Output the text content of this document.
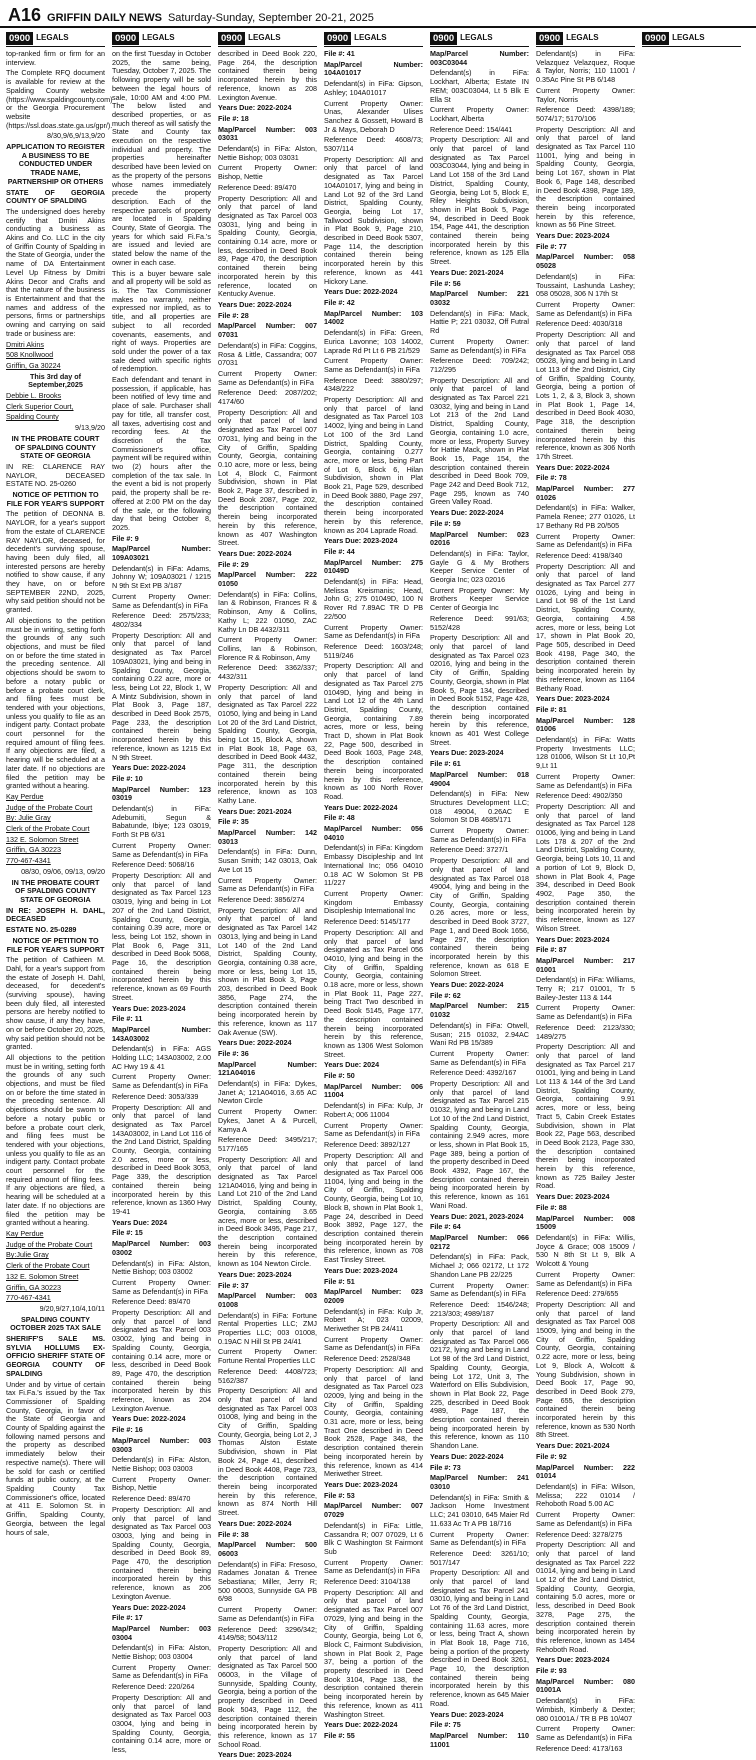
A16 GRIFFIN DAILY NEWS Saturday-Sunday, September 20-21, 2025
0900 LEGALS
top-ranked firm or firm for an interview.
The Complete RFQ document is available for review at the Spalding County website (https://www.spaldingcounty.com) or the Georgia Procurement website (https://ssl.doas.state.ga.us/gpr/).
8/30,9/6,9/13,9/20
APPLICATION TO REGISTER A BUSINESS TO BE CONDUCTED UNDER TRADE NAME, PARTNERSHIP OR OTHERS
STATE OF GEORGIA COUNTY OF SPALDING
The undersigned does hereby certify that Dmitri Akins conducting a business as Akins and Co. LLC in the city of Griffin County of Spalding in the State of Georgia, under the name of DA Entertainment Level Up Fitness by Dmitri Akins Decor and Crafts and that the nature of the business is Entertainment and that the names and address of the persons, firms or partnerships owning and carrying on said trade or business are:
Dmitri Akins
508 Knollwood
Griffin, Ga 30224
This 3rd day of September,2025
Debbie L. Brooks
Clerk Superior Court,
Spalding County
9/13,9/20
IN THE PROBATE COURT OF SPALDING COUNTY STATE OF GEORGIA
IN RE: CLARENCE RAY NAYLOR, DECEASED ESTATE NO. 25-0260
NOTICE OF PETITION TO FILE FOR YEAR'S SUPPORT
The petition of DEONNA B. NAYLOR, for a year's support from the estate of CLARENCE RAY NAYLOR, deceased, for decedent's surviving spouse, having been duly filed, all interested persons are hereby notified to show cause, if any they have, on or before SEPTEMBER 22ND, 2025, why said petition should not be granted.
All objections to the petition must be in writing, setting forth the grounds of any such objections, and must be filed on or before the time stated in the preceding sentence. All objections should be sworn to before a notary public or before a probate court clerk, and filing fees must be tendered with your objections, unless you qualify to file as an indigent party. Contact probate court personnel for the required amount of filing fees. If any objections are filed, a hearing will be scheduled at a later date. If no objections are filed the petition may be granted without a hearing.
Kay Perdue
Judge of the Probate Court
By: Julie Gray
Clerk of the Probate Court
132 E. Solomon Street
Griffin, GA 30223
770-467-4341
08/30, 09/06, 09/13, 09/20
IN THE PROBATE COURT OF SPALDING COUNTY STATE OF GEORGIA
IN RE: JOSEPH H. DAHL, DECEASED
ESTATE NO. 25-0289
NOTICE OF PETITION TO FILE FOR YEAR'S SUPPORT
The petition of Cathieen M. Dahl, for a year's support from the estate of Joseph H. Dahl, deceased, for decedent's (surviving spouse), having been duly filed, all interested persons are hereby notified to show cause, if any they have, on or before October 20, 2025, why said petition should not be granted.
All objections to the petition must be in writing, setting forth the grounds of any such objections, and must be filed on or before the time stated in the preceding sentence. All objections should be sworn to before a notary public or before a probate court clerk, and filing fees must be tendered with your objections, unless you qualify to file as an indigent party. Contact probate court personnel for the required amount of filing fees. If any objections are filed, a hearing will be scheduled at a later date. If no objections are filed the petition may be granted without a hearing.
Kay Perdue
Judge of the Probate Court
By:Julie Gray
Clerk of the Probate Court
132 E. Solomon Street
Griffin, GA 30223
770-467-4341
9/20,9/27,10/4,10/11
SPALDING COUNTY OCTOBER 2025 TAX SALE
SHERIFF'S SALE MS. SYLVIA HOLLUMS EX-OFFICIO SHERIFF STATE OF GEORGIA COUNTY OF SPALDING
Under and by virtue of certain tax Fi.Fa.'s issued by the Tax Commissioner of Spalding County, Georgia, in favor of the State of Georgia and County of Spalding against the following named persons and the property as described immediately below their respective name(s). There will be sold for cash or certified funds at public outcry, at the Spalding County Tax Commissioner's office, located at 411 E. Solomon St. in Griffin, Spalding County, Georgia, between the legal hours of sale,
0900 LEGALS
on the first Tuesday in October 2025, the same being, Tuesday, October 7, 2025. The following property will be sold between the legal hours of sale, 10:00 AM and 4:00 PM. The below listed and described properties, or as much thereof as will satisfy the State and County tax execution on the respective individual and property. The properties hereinafter described have been levied on as the property of the persons whose names immediately precede the property description. Each of the respective parcels of property are located in Spalding County, State of Georgia. The years for which said Fi.Fa.'s are issued and levied are stated below the name of the owner in each case.
This is a buyer beware sale and all property will be sold as is. The Tax Commissioner makes no warranty, neither expressed nor implied, as to title, and all properties are subject to all recorded covenants, easements, and right of ways. Properties are sold under the power of a tax sale deed with specific rights of redemption.
Each defendant and tenant in possession, if applicable, has been notified of levy time and place of sale. Purchaser shall pay for title, all transfer cost, all taxes, advertising cost and recording fees. At the discretion of the Tax Commissioner's office, payment will be required within two (2) hours after the completion of the tax sale. In the event a bid is not properly paid, the property shall be re-offered at 2:00 PM on the day of the sale, or the following day that being October 8, 2025.
File #: 9
Map/Parcel Number: 109A03021
Defendant(s) in FiFa: Adams, Johnny W; 109A03021 / 1215 N 9th St Ext PB 3/187
Current Property Owner: Same as Defendant(s) in FiFa
Reference Deed: 2575/233; 4802/334
Property Description: All and only that parcel of land designated as Tax Parcel 109A03021, lying and being in Spalding County, Georgia, containing 0.22 acre, more or less, being Lot 22, Block 1, W A Mintz Subdivision, shown in Plat Book 3, Page 187, described in Deed Book 2575, Page 233, the description contained therein being incorporated herein by this reference, known as 1215 Ext N 9th Street.
Years Due: 2022-2024
File #: 10
Map/Parcel Number: 123 03019
Defendant(s) in FiFa: Adebumiti, Segun & Babatunde, Ibiye; 123 03019, Forth St PB 6/31
Current Property Owner: Same as Defendant(s) in FiFa
Reference Deed: 5068/16
Property Description: All and only that parcel of land designated as Tax Parcel 123 03019, lying and being in Lot 207 of the 2nd Land District, Spalding County, Georgia, containing 0.39 acre, more or less, being Lot 152, shown in Plat Book 6, Page 311, described in Deed Book 5068, Page 16, the description contained therein being incorporated herein by this reference, known as 69 Fourth Street.
Years Due: 2023-2024
File #: 11
Map/Parcel Number: 143A03002
Defendant(s) in FiFa: AGS Holding LLC; 143A03002, 2.00 AC Hwy 19 & 41
Current Property Owner: Same as Defendant(s) in FiFa
Reference Deed: 3053/339
Property Description: All and only that parcel of land designated as Tax Parcel 143A03002, in Land Lot 116 of the 2nd Land District, Spalding County, Georgia, containing 2.0 acres, more or less, described in Deed Book 3053, Page 339, the description contained therein being incorporated herein by this reference, known as 1360 Hwy 19-41
Years Due: 2024
File #: 15
Map/Parcel Number: 003 03002
Defendant(s) in FiFa: Alston, Nettie Bishop; 003 03002
Current Property Owner: Same as Defendant(s) in FiFa
Reference Deed: 89/470
Property Description: All and only that parcel of land designated as Tax Parcel 003 03002, lying and being in Spalding County, Georgia, containing 0.14 acre, more or less, described in Deed Book 89, Page 470, the description contained therein being incorporated herein by this reference, known as 204 Lexington Avenue.
Years Due: 2022-2024
File #: 16
Map/Parcel Number: 003 03003
Defendant(s) in FiFa: Alston, Nettie Bishop; 003 03003
Current Property Owner: Bishop, Nettie
Reference Deed: 89/470
Property Description: All and only that parcel of land designated as Tax Parcel 003 03003, lying and being in Spalding County, Georgia, described in Deed Book 89, Page 470, the description contained therein being incorporated herein by this reference, known as 206 Lexington Avenue.
Years Due: 2022-2024
File #: 17
Map/Parcel Number: 003 03004
Defendant(s) in FiFa: Alston, Nettie Bishop; 003 03004
Current Property Owner: Same as Defendant(s) in FiFa
Reference Deed: 220/264
Property Description: All and only that parcel of land designated as Tax Parcel 003 03004, lying and being in Spalding County, Georgia, containing 0.14 acre, more or less,
0900 LEGALS
described in Deed Book 220, Page 264, the description contained therein being incorporated herein by this reference, known as 208 Lexington Avenue.
Years Due: 2022-2024
File #: 18
Map/Parcel Number: 003 03031
Defendant(s) in FiFa: Alston, Nettie Bishop; 003 03031
Current Property Owner: Bishop, Nettie
Reference Deed: 89/470
Property Description: All and only that parcel of land designated as Tax Parcel 003 03031, lying and being in Spalding County, Georgia, containing 0.14 acre, more or less, described in Deed Book 89, Page 470, the description contained therein being incorporated herein by this reference, located on Kentucky Avenue.
Years Due: 2022-2024
File #: 28
Map/Parcel Number: 007 07031
Defendant(s) in FiFa: Coggins, Rosa & Little, Cassandra; 007 07031
Current Property Owner: Same as Defendant(s) in FiFa
Reference Deed: 2087/202; 4174/60
Property Description: All and only that parcel of land designated as Tax Parcel 007 07031, lying and being in the City of Griffin, Spalding County, Georgia, containing 0.10 acre, more or less, being Lot 4, Block C, Fairmont Subdivision, shown in Plat Book 2, Page 37, described in Deed Book 2087, Page 202, the description contained therein being incorporated herein by this reference, known as 407 Washington Street.
Years Due: 2022-2024
File #: 29
Map/Parcel Number: 222 01050
Defendant(s) in FiFa: Collins, Ian & Robinson, Frances R & Robinson, Amy & Collins, Kathy L; 222 01050, ZAC Kathy Ln DB 4432/311
Current Property Owner: Collins, Ian & Robinson, Florence R & Robinson, Amy
Reference Deed: 3362/337; 4432/311
Property Description: All and only that parcel of land designated as Tax Parcel 222 01050, lying and being in Land Lot 20 of the 3rd Land District, Spalding County, Georgia, being Lot 15, Block A, shown in Plat Book 18, Page 63, described in Deed Book 4432, Page 311, the description contained therein being incorporated herein by this reference, known as 103 Kathy Lane.
Years Due: 2021-2024
File #: 35
Map/Parcel Number: 142 03013
Defendant(s) in FiFa: Dunn, Susan Smith; 142 03013, Oak Ave Lot 15
Current Property Owner: Same as Defendant(s) in FiFa
Reference Deed: 3856/274
Property Description: All and only that parcel of land designated as Tax Parcel 142 03013, lying and being in Land Lot 140 of the 2nd Land District, Spalding County, Georgia, containing 0.38 acre, more or less, being Lot 15, shown in Plat Book 3, Page 203, described in Deed Book 3856, Page 274, the description contained therein being incorporated herein by this reference, known as 117 Oak Avenue (SW).
Years Due: 2022-2024
File #: 36
Map/Parcel Number: 121A04016
Defendant(s) in FiFa: Dykes, Janet A; 121A04016, 3.65 AC Newton Circle
Current Property Owner: Dykes, Janet A & Purcell, Kamya A
Reference Deed: 3495/217; 5177/165
Property Description: All and only that parcel of land designated as Tax Parcel 121A04016, lying and being in Land Lot 210 of the 2nd Land District, Spalding County, Georgia, containing 3.65 acres, more or less, described in Deed Book 3495, Page 217, the description contained therein being incorporated herein by this reference, known as 104 Newton Circle.
Years Due: 2023-2024
File #: 37
Map/Parcel Number: 003 01008
Defendant(s) in FiFa: Fortune Rental Properties LLC; ZMJ Properties LLC; 003 01008, 0.19AC N Hill St PB 24/41
Current Property Owner: Fortune Rental Properties LLC
Reference Deed: 4408/723; 5162/387
Property Description: All and only that parcel of land designated as Tax Parcel 003 01008, lying and being in the City of Griffin, Spalding County, Georgia, being Lot 2, J Thomas Alston Estate Subdivision, shown in Plat Book 24, Page 41, described in Deed Book 4408, Page 723, the description contained therein being incorporated herein by this reference, known as 874 North Hill Street.
Years Due: 2022-2024
File #: 38
Map/Parcel Number: 500 06003
Defendant(s) in FiFa: Fresoso, Radames Jonatan & Trenee Sebastiana; Miller, Jerry R; 500 06003, Sunnyside GA PB 6/98
Current Property Owner: Same as Defendant(s) in FiFa
Reference Deed: 3296/342; 4149/58; 5043/112
Property Description: All and only that parcel of land designated as Tax Parcel 500 06003, in the Village of Sunnyside, Spalding County, Georgia, being a portion of the property described in Deed Book 5043, Page 112, the description contained therein being incorporated herein by this reference, known as 17 School Road.
Years Due: 2023-2024
0900 LEGALS
File #: 41
Map/Parcel Number: 104A01017
Defendant(s) in FiFa: Gipson, Ashley; 104A01017
Current Property Owner: Unas, Alexander Ulises Sanchez & Gossett, Howard B Jr & Mays, Deborah D
Reference Deed: 4608/73; 5307/114
Property Description: All and only that parcel of land designated as Tax Parcel 104A01017, lying and being in Land Lot 92 of the 3rd Land District, Spalding County, Georgia, being Lot 17, Tallwood Subdivision, shown in Plat Book 9, Page 210, described in Deed Book 5307, Page 114, the description contained therein being incorporated herein by this reference, known as 441 Hickory Lane.
Years Due: 2022-2024
File #: 42
Map/Parcel Number: 103 14002
Defendant(s) in FiFa: Green, Eurica Lavonne; 103 14002, Laprade Rd Pt Lt 6 PB 21/529
Current Property Owner: Same as Defendant(s) in FiFa
Reference Deed: 3880/297; 4348/222
Property Description: All and only that parcel of land designated as Tax Parcel 103 14002, lying and being in Land Lot 100 of the 3rd Land District, Spalding County, Georgia, containing 0.277 acre, more or less, being Part of Lot 6, Block 6, Hilan Subdivision, shown in Plat Book 21, Page 529, described in Deed Book 3880, Page 297, the description contained therein being incorporated herein by this reference, known as 204 Laprade Road.
Years Due: 2023-2024
File #: 44
Map/Parcel Number: 275 01049D
Defendant(s) in FiFa: Head, Melissa Kreismanis; Head, John G; 275 01049D, 100 N Rover Rd 7.89AC TR D PB 22/500
Current Property Owner: Same as Defendant(s) in FiFa
Reference Deed: 1603/248; 5119/246
Property Description: All and only that parcel of land designated as Tax Parcel 275 01049D, lying and being in Land Lot 12 of the 4th Land District, Spalding County, Georgia, containing 7.89 acres, more or less, being Tract D, shown in Plat Book 22, Page 500, described in Deed Book 1603, Page 248, the description contained therein being incorporated herein by this reference, known as 100 North Rover Road.
Years Due: 2022-2024
File #: 48
Map/Parcel Number: 056 04010
Defendant(s) in FiFa: Kingdom Embassy Discipleship and Int International Inc; 056 04010 0.18 AC W Solomon St PB 11/227
Current Property Owner: Kingdom Embassy Discipleship International Inc
Reference Deed: 5145/177
Property Description: All and only that parcel of land designated as Tax Parcel 056 04010, lying and being in the City of Griffin, Spalding County, Georgia, containing 0.18 acre, more or less, shown in Plat Book 11, Page 227, being Tract Two described in Deed Book 5145, Page 177, the description contained therein being incorporated herein by this reference, known as 1306 West Solomon Street.
Years Due: 2024
File #: 50
Map/Parcel Number: 006 11004
Defendant(s) in FiFa: Kulp, Jr Robert A; 006 11004
Current Property Owner: Same as Defendant(s) in FiFa
Reference Deed: 3892/127
Property Description: All and only that parcel of land designated as Tax Parcel 006 11004, lying and being in the City of Griffin, Spalding County, Georgia, being Lot 10, Block B, shown in Plat Book 1, Page 24, described in Deed Book 3892, Page 127, the description contained therein being incorporated herein by this reference, known as 708 East Tinsley Street.
Years Due: 2023-2024
File #: 51
Map/Parcel Number: 023 02009
Defendant(s) in FiFa: Kulp Jr, Robert A; 023 02009, Meriwether St PB 24/411
Current Property Owner: Same as Defendant(s) in FiFa
Reference Deed: 2528/348
Property Description: All and only that parcel of land designated as Tax Parcel 023 02009, lying and being in the City of Griffin, Spalding County, Georgia, containing 0.31 acre, more or less, being Tract One described in Deed Book 2528, Page 348, the description contained therein being incorporated herein by this reference, known as 414 Meriwether Street.
Years Due: 2023-2024
File #: 53
Map/Parcel Number: 007 07029
Defendant(s) in FiFa: Little, Cassandra R; 007 07029, Lt 6 Blk C Washington St Fairmont Sub
Current Property Owner: Same as Defendant(s) in FiFa
Reference Deed: 3104/138
Property Description: All and only that parcel of land designated as Tax Parcel 007 07029, lying and being in the City of Griffin, Spalding County, Georgia, being Lot 6, Block C, Fairmont Subdivision, shown in Plat Book 2, Page 37, being a portion of the property described in Deed Book 3104, Page 138, the description contained therein being incorporated herein by this reference, known as 411 Washington Street.
Years Due: 2022-2024
File #: 55
0900 LEGALS
Map/Parcel Number: 003C03044
Defendant(s) in FiFa: Lockhart, Alberta; Estate IN REM; 003C03044, Lt 5 Blk E Ella St
Current Property Owner: Lockhart, Alberta
Reference Deed: 154/441
Property Description: All and only that parcel of land designated as Tax Parcel 003C03044, lying and being in Land Lot 158 of the 3rd Land District, Spalding County, Georgia, being Lot 5, Block E, Riley Heights Subdivision, shown in Plat Book 5, Page 94, described in Deed Book 154, Page 441, the description contained therein being incorporated herein by this reference, known as 125 Ella Street.
Years Due: 2021-2024
File #: 56
Map/Parcel Number: 221 03032
Defendant(s) in FiFa: Mack, Hattie P; 221 03032, Off Futral Rd
Current Property Owner: Same as Defendant(s) in FiFa
Reference Deed: 709/242; 712/295
Property Description: All and only that parcel of land designated as Tax Parcel 221 03032, lying and being in Land Lot 213 of the 2nd Land District, Spalding County, Georgia, containing 1.0 acre, more or less, Property Survey for Hattie Mack, shown in Plat Book 15, Page 154, the description contained therein described in Deed Book 709, Page 242 and Deed Book 712, Page 295, known as 740 Green Valley Road.
Years Due: 2022-2024
File #: 59
Map/Parcel Number: 023 02016
Defendant(s) in FiFa: Taylor, Gayle G & My Brothers Keeper Service Center of Georgia Inc; 023 02016
Current Property Owner: My Brothers Keeper Service Center of Georgia Inc
Reference Deed: 991/63; 5152/428
Property Description: All and only that parcel of land designated as Tax Parcel 023 02016, lying and being in the City of Griffin, Spalding County, Georgia, shown in Plat Book 5, Page 134, described in Deed Book 5152, Page 428, the description contained therein being incorporated herein by this reference, known as 401 West College Street.
Years Due: 2023-2024
File #: 61
Map/Parcel Number: 018 49004
Defendant(s) in FiFa: New Structures Development LLC; 018 49004, 0.26AC E Solomon St DB 4685/171
Current Property Owner: Same as Defendant(s) in FiFa
Reference Deed: 3727/1
Property Description: All and only that parcel of land designated as Tax Parcel 018 49004, lying and being in the City of Griffin, Spalding County, Georgia, containing 0.26 acres, more or less, described in Deed Book 3727, Page 1, and Deed Book 1656, Page 297, the description contained therein being incorporated herein by this reference, known as 618 E Solomon Street.
Years Due: 2022-2024
File #: 62
Map/Parcel Number: 215 01032
Defendant(s) in FiFa: Otwell, Susan; 215 01032, 2.94AC Wani Rd PB 15/389
Current Property Owner: Same as Defendant(s) in FiFa
Reference Deed: 4392/167
Property Description: All and only that parcel of land designated as Tax Parcel 215 01032, lying and being in Land Lot 10 of the 2nd Land District, Spalding County, Georgia, containing 2.949 acres, more or less, shown in Plat Book 15, Page 389, being a portion of the property described in Deed Book 4392, Page 167, the description contained therein being incorporated herein by this reference, known as 161 Wani Road.
Years Due: 2021, 2023-2024
File #: 64
Map/Parcel Number: 066 02172
Defendant(s) in FiFa: Pack, Michael J; 066 02172, Lt 172 Shandon Lane PB 22/225
Current Property Owner: Same as Defendant(s) in FiFa
Reference Deed: 1546/248; 2213/303; 4989/187
Property Description: All and only that parcel of land designated as Tax Parcel 066 02172, lying and being in Land Lot 98 of the 3rd Land District, Spalding County, Georgia, being Lot 172, Unit 3, The Waterford on Ellis Subdivision, shown in Plat Book 22, Page 225, described in Deed Book 4989, Page 187, the description contained therein being incorporated herein by this reference, known as 110 Shandon Lane.
Years Due: 2022-2024
File #: 73
Map/Parcel Number: 241 03010
Defendant(s) in FiFa: Smith & Jackson Home Investment LLC; 241 03010, 645 Maier Rd 11.633 Ac Tr A PB 18/716
Current Property Owner: Same as Defendant(s) in FiFa
Reference Deed: 3261/10; 5017/147
Property Description: All and only that parcel of land designated as Tax Parcel 241 03010, lying and being in Land Lot 76 of the 3rd Land District, Spalding County, Georgia, containing 11.63 acres, more or less, being Tract A, shown in Plat Book 18, Page 716, being a portion of the property described in Deed Book 3261, Page 10, the description contained therein being incorporated herein by this reference, known as 645 Maier Road.
Years Due: 2023-2024
File #: 75
Map/Parcel Number: 110 11001
0900 LEGALS
Defendant(s) in FiFa: Velazquez Velazquez, Roque & Taylor, Norris; 110 11001 / 0.35Ac Pine St PB 6/148
Current Property Owner: Taylor, Norris
Reference Deed: 4398/189; 5074/17; 5170/106
Property Description: All and only that parcel of land designated as Tax Parcel 110 11001, lying and being in Spalding County, Georgia, being Lot 167, shown in Plat Book 6, Page 148, described in Deed Book 4398, Page 189, the description contained therein being incorporated herein by this reference, known as 56 Pine Street.
Years Due: 2023-2024
File #: 77
Map/Parcel Number: 058 05028
Defendant(s) in FiFa: Toussaint, Lashunda Lashey; 058 05028, 306 N 17th St
Current Property Owner: Same as Defendant(s) in FiFa
Reference Deed: 4030/318
Property Description: All and only that parcel of land designated as Tax Parcel 058 05028, lying and being in Land Lot 113 of the 2nd District, City of Griffin, Spalding County, Georgia, being a portion of Lots 1, 2, & 3, Block 3, shown in Plat Book 1, Page 14, described in Deed Book 4030, Page 318, the description contained therein being incorporated herein by this reference, known as 306 North 17th Street.
Years Due: 2022-2024
File #: 78
Map/Parcel Number: 277 01026
Defendant(s) in FiFa: Walker, Pamela Renee; 277 01026, Lt 17 Bethany Rd PB 20/505
Current Property Owner: Same as Defendant(s) in FiFa
Reference Deed: 4198/340
Property Description: All and only that parcel of land designated as Tax Parcel 277 01026, Lying and being in Land Lot 98 of the 1st Land District, Spalding County, Georgia, containing 4.58 acres, more or less, being Lot 17, shown in Plat Book 20, Page 505, described in Deed Book 4198, Page 340, the description contained therein being incorporated herein by this reference, known as 1164 Bethany Road.
Years Due: 2023-2024
File #: 81
Map/Parcel Number: 128 01006
Defendant(s) in FiFa: Watts Property Investments LLC; 128 01006, Wilson St Lt 10,Pt 9,Lt 11
Current Property Owner: Same as Defendant(s) in FiFa
Reference Deed: 4902/350
Property Description: All and only that parcel of land designated as Tax Parcel 128 01006, lying and being in Land Lots 178 & 207 of the 2nd Land District, Spalding County, Georgia, being Lots 10, 11 and a portion of Lot 9, Block D, shown in Plat Book 4, Page 394, described in Deed Book 4902, Page 350, the description contained therein being incorporated herein by this reference, known as 127 Wilson Street.
Years Due: 2023-2024
File #: 87
Map/Parcel Number: 217 01001
Defendant(s) in FiFa: Williams, Terry R; 217 01001, Tr 5 Bailey-Jester 113 & 144
Current Property Owner: Same as Defendant(s) in FiFa
Reference Deed: 2123/330; 1489/275
Property Description: All and only that parcel of land designated as Tax Parcel 217 01001, lying and being in Land Lot 113 & 144 of the 3rd Land District, Spalding County, Georgia, containing 9.91 acres, more or less, being Tract 5, Cabin Creek Estates Subdivision, shown in Plat Book 22, Page 563, described in Deed Book 2123, Page 330, the description contained therein being incorporated herein by this reference, known as 725 Bailey Jester Road.
Years Due: 2023-2024
File #: 88
Map/Parcel Number: 008 15009
Defendant(s) in FiFa: Willis, Joyce & Grace; 008 15009 / 530 N 8th St Lt 9, Blk A Wolcott & Young
Current Property Owner: Same as Defendant(s) in FiFa
Reference Deed: 279/655
Property Description: All and only that parcel of land designated as Tax Parcel 008 15009, lying and being in the City of Griffin, Spalding County, Georgia, containing 0.22 acre, more or less, being Lot 9, Block A, Wolcott & Young Subdivision, shown in Deed Book 17, Page 90, described in Deed Book 279, Page 655, the description contained therein being incorporated herein by this reference, known as 530 North 8th Street.
Years Due: 2021-2024
File #: 92
Map/Parcel Number: 222 01014
Defendant(s) in FiFa: Wilson, Melissa; 222 01014 / Rehoboth Road 5.00 AC
Current Property Owner: Same as Defendant(s) in FiFa
Reference Deed: 3278/275
Property Description: All and only that parcel of land designated as Tax Parcel 222 01014, lying and being in Land Lot 12 of the 3rd Land District, Spalding County, Georgia, containing 5.0 acres, more or less, described in Deed Book 3278, Page 275, the description contained therein being incorporated herein by this reference, known as 1454 Rehoboth Road.
Years Due: 2023-2024
File #: 93
Map/Parcel Number: 080 01001A
Defendant(s) in FiFa: Wimbish, Kimberly & Dexter; 080 01001A / TR B PB 10/407
Current Property Owner: Same as Defendant(s) in FiFa
Reference Deed: 4173/163
0900 LEGALS
